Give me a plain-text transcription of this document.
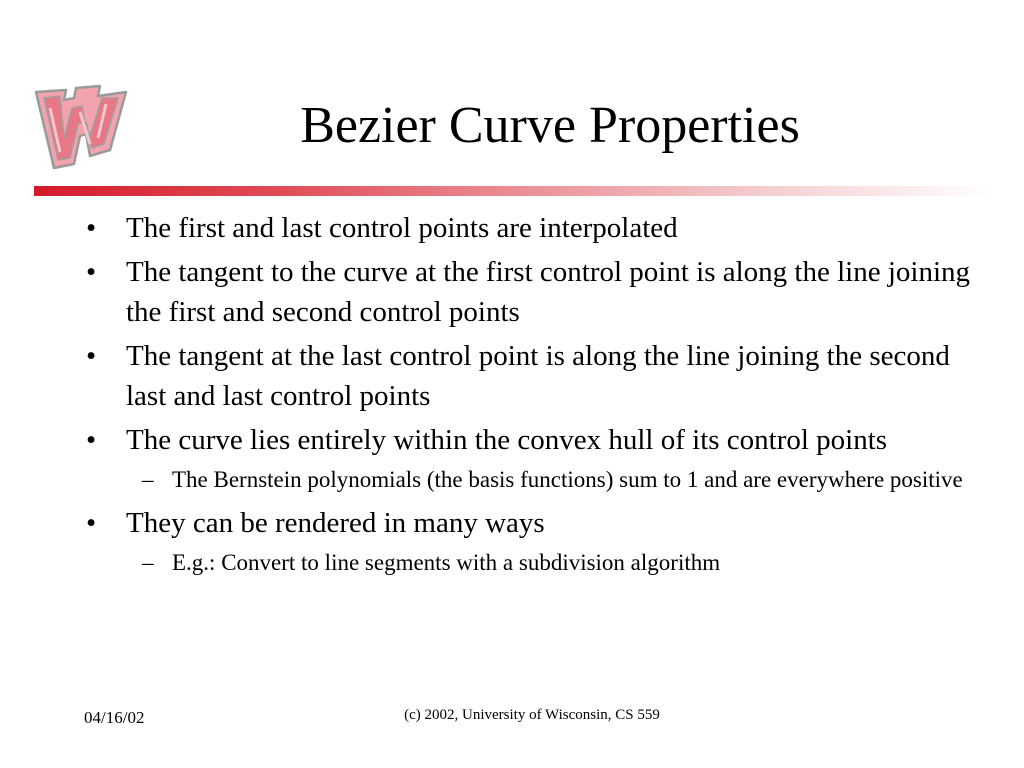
Bezier Curve Properties
• The first and last control points are interpolated
• The tangent to the curve at the first control point is along the line joining the first and second control points
• The tangent at the last control point is along the line joining the second last and last control points
• The curve lies entirely within the convex hull of its control points
– The Bernstein polynomials (the basis functions) sum to 1 and are everywhere positive
• They can be rendered in many ways
– E.g.: Convert to line segments with a subdivision algorithm
04/16/02	(c) 2002, University of Wisconsin, CS 559
